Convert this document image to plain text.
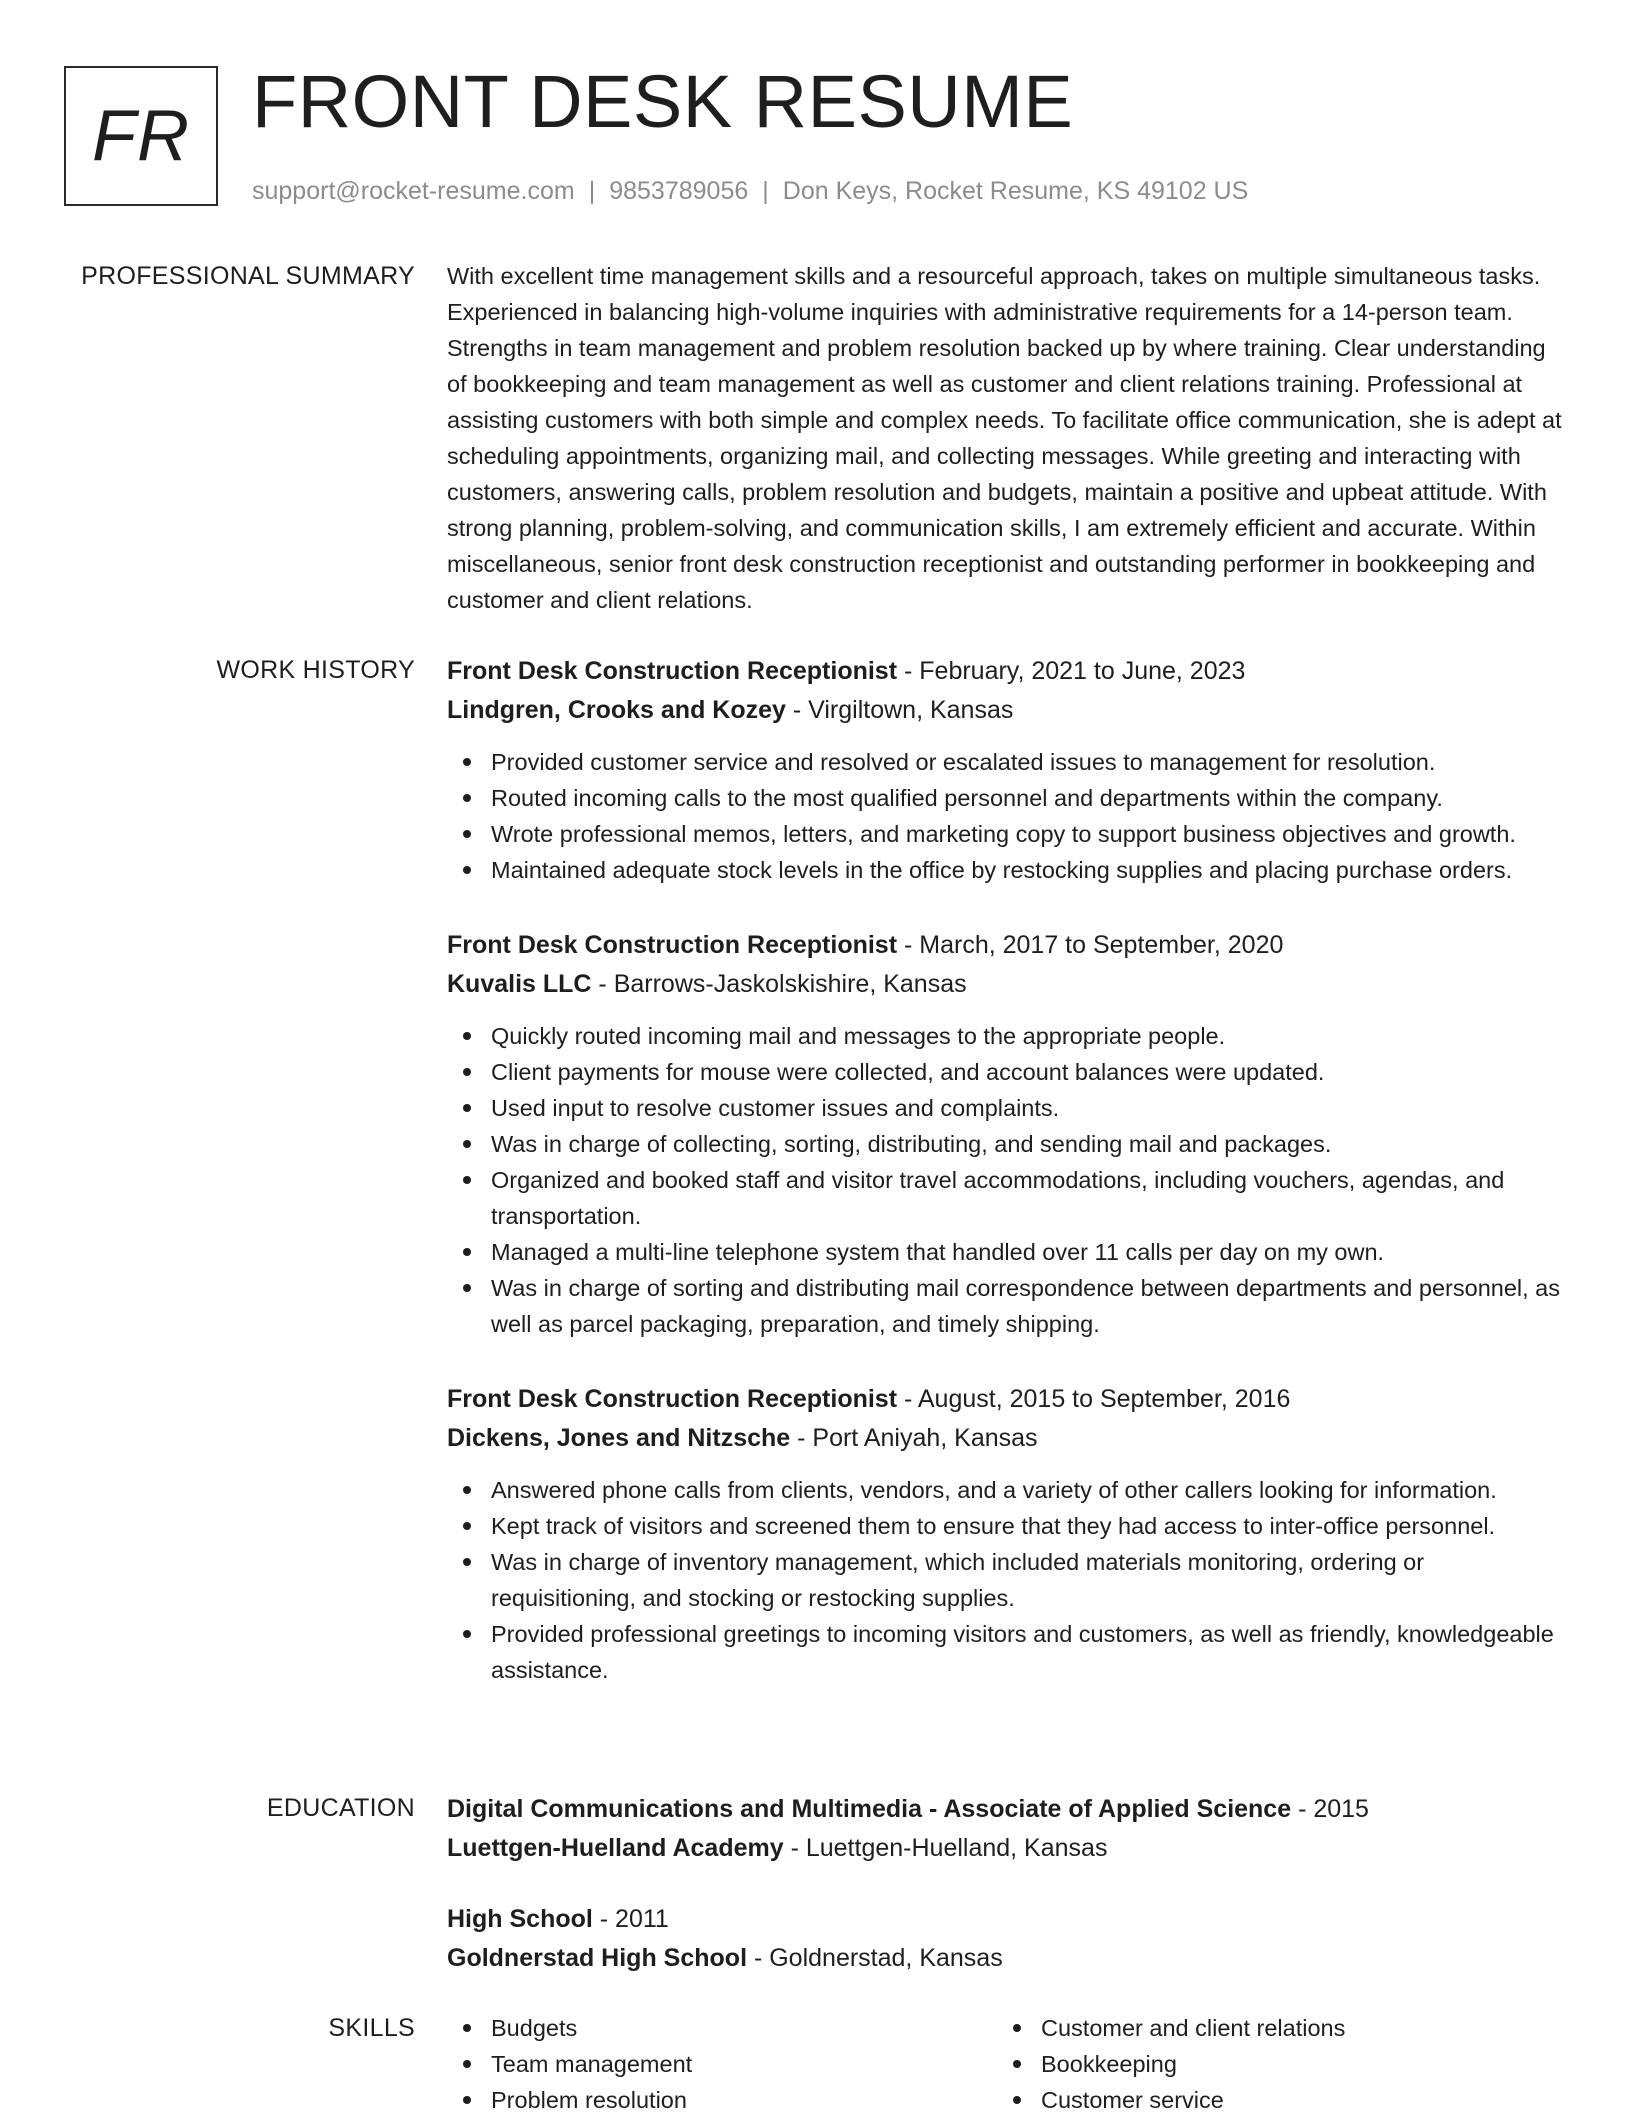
FR FRONT DESK RESUME
support@rocket-resume.com | 9853789056 | Don Keys, Rocket Resume, KS 49102 US
PROFESSIONAL SUMMARY With excellent time management skills and a resourceful approach, takes on multiple simultaneous tasks. Experienced in balancing high-volume inquiries with administrative requirements for a 14-person team. Strengths in team management and problem resolution backed up by where training. Clear understanding of bookkeeping and team management as well as customer and client relations training. Professional at assisting customers with both simple and complex needs. To facilitate office communication, she is adept at scheduling appointments, organizing mail, and collecting messages. While greeting and interacting with customers, answering calls, problem resolution and budgets, maintain a positive and upbeat attitude. With strong planning, problem-solving, and communication skills, I am extremely efficient and accurate. Within miscellaneous, senior front desk construction receptionist and outstanding performer in bookkeeping and customer and client relations.

WORK HISTORY Front Desk Construction Receptionist - February, 2021 to June, 2023

Lindgren, Crooks and Kozey - Virgiltown, Kansas

Provided customer service and resolved or escalated issues to management for resolution.
Routed incoming calls to the most qualified personnel and departments within the company.
Wrote professional memos, letters, and marketing copy to support business objectives and growth.
Maintained adequate stock levels in the office by restocking supplies and placing purchase orders.

Front Desk Construction Receptionist - March, 2017 to September, 2020

Kuvalis LLC - Barrows-Jaskolskishire, Kansas

Quickly routed incoming mail and messages to the appropriate people.
Client payments for mouse were collected, and account balances were updated.
Used input to resolve customer issues and complaints.
Was in charge of collecting, sorting, distributing, and sending mail and packages.
Organized and booked staff and visitor travel accommodations, including vouchers, agendas, and transportation.
Managed a multi-line telephone system that handled over 11 calls per day on my own.
Was in charge of sorting and distributing mail correspondence between departments and personnel, as well as parcel packaging, preparation, and timely shipping.

Front Desk Construction Receptionist - August, 2015 to September, 2016

Dickens, Jones and Nitzsche - Port Aniyah, Kansas

Answered phone calls from clients, vendors, and a variety of other callers looking for information.
Kept track of visitors and screened them to ensure that they had access to inter-office personnel.
Was in charge of inventory management, which included materials monitoring, ordering or requisitioning, and stocking or restocking supplies.
Provided professional greetings to incoming visitors and customers, as well as friendly, knowledgeable assistance.
EDUCATION Digital Communications and Multimedia - Associate of Applied Science - 2015

Luettgen-Huelland Academy - Luettgen-Huelland, Kansas

High School - 2011

Goldnerstad High School - Goldnerstad, Kansas

SKILLS	Budgets
Team management
Problem resolution
Customer and client relations
Bookkeeping
Customer service
